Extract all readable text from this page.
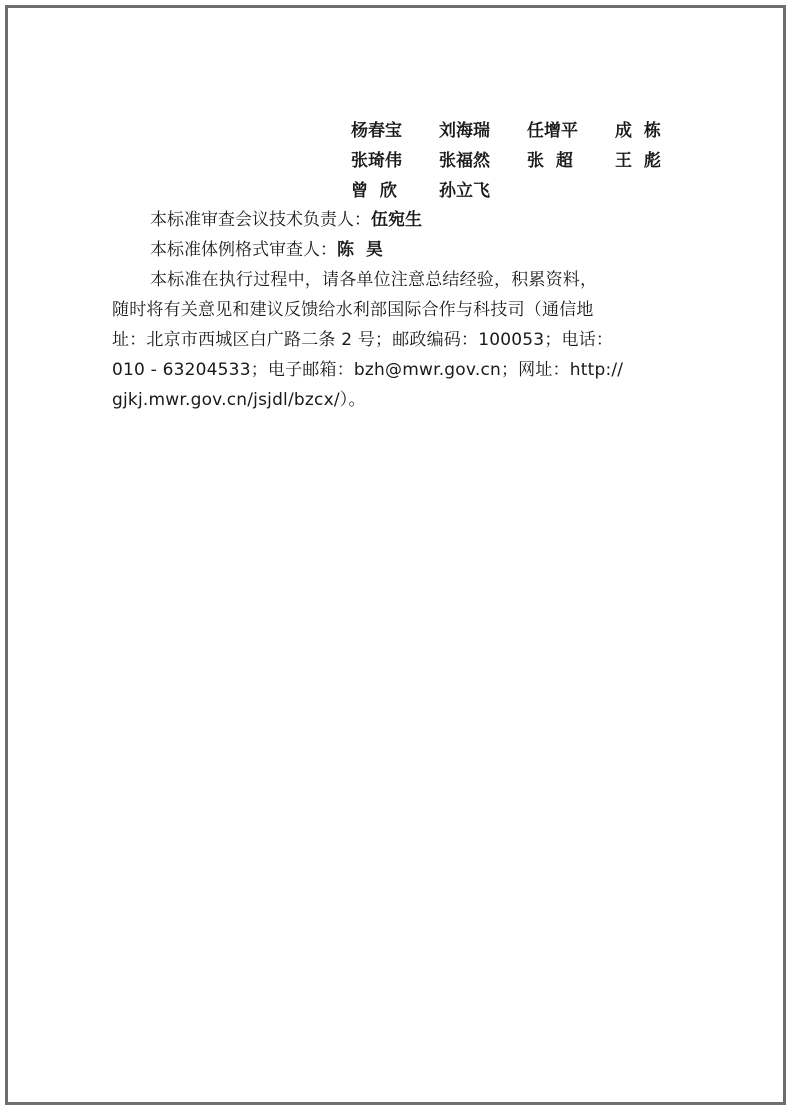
杨春宝	刘海瑞	任增平	成  栋
张琦伟	张福然	张  超	王  彪
曾  欣	孙立飞
本标准审查会议技术负责人：伍宛生
本标准体例格式审查人：陈  昊
本标准在执行过程中，请各单位注意总结经验，积累资料，
随时将有关意见和建议反馈给水利部国际合作与科技司（通信地
址：北京市西城区白广路二条 2 号；邮政编码：100053；电话：
010 - 63204533；电子邮箱：bzh@mwr.gov.cn；网址：http://
gjkj.mwr.gov.cn/jsjdl/bzcx/）。
